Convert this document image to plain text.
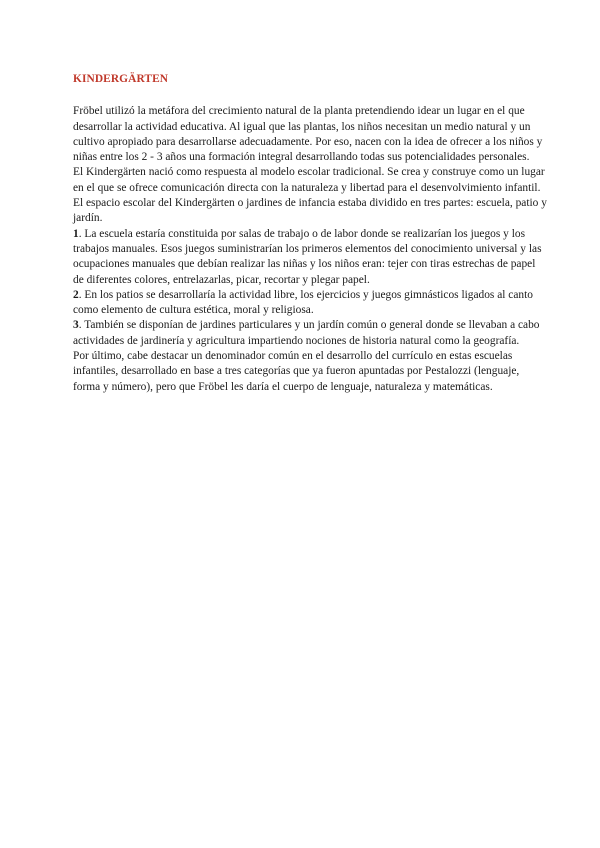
KINDERGÄRTEN

Fröbel utilizó la metáfora del crecimiento natural de la planta pretendiendo idear un lugar en el que desarrollar la actividad educativa. Al igual que las plantas, los niños necesitan un medio natural y un cultivo apropiado para desarrollarse adecuadamente. Por eso, nacen con la idea de ofrecer a los niños y niñas entre los 2 - 3 años una formación integral desarrollando todas sus potencialidades personales.

El Kindergärten nació como respuesta al modelo escolar tradicional. Se crea y construye como un lugar en el que se ofrece comunicación directa con la naturaleza y libertad para el desenvolvimiento infantil.

El espacio escolar del Kindergärten o jardines de infancia estaba dividido en tres partes: escuela, patio y jardín.

1. La escuela estaría constituida por salas de trabajo o de labor donde se realizarían los juegos y los trabajos manuales. Esos juegos suministrarían los primeros elementos del conocimiento universal y las ocupaciones manuales que debían realizar las niñas y los niños eran: tejer con tiras estrechas de papel de diferentes colores, entrelazarlas, picar, recortar y plegar papel.

2. En los patios se desarrollaría la actividad libre, los ejercicios y juegos gimnásticos ligados al canto como elemento de cultura estética, moral y religiosa.

3. También se disponían de jardines particulares y un jardín común o general donde se llevaban a cabo actividades de jardinería y agricultura impartiendo nociones de historia natural como la geografía.

Por último, cabe destacar un denominador común en el desarrollo del currículo en estas escuelas infantiles, desarrollado en base a tres categorías que ya fueron apuntadas por Pestalozzi (lenguaje, forma y número), pero que Fröbel les daría el cuerpo de lenguaje, naturaleza y matemáticas.
